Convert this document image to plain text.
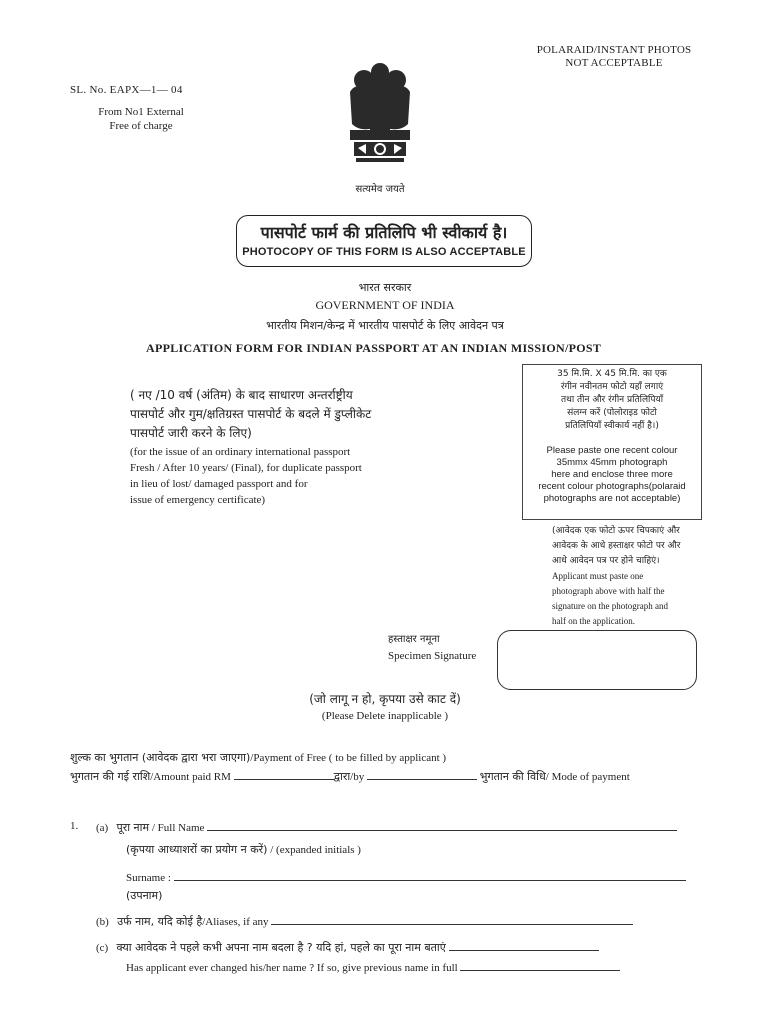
POLARAID/INSTANT PHOTOS NOT ACCEPTABLE
SL. No. EAPX—1— 04
From No1 External
Free of charge
सत्यमेव जयते
पासपोर्ट फार्म की प्रतिलिपि भी स्वीकार्य है।
PHOTOCOPY OF THIS FORM IS ALSO ACCEPTABLE
भारत सरकार
GOVERNMENT OF INDIA
भारतीय मिशन/केन्द्र में भारतीय पासपोर्ट के लिए आवेदन पत्र
APPLICATION FORM FOR INDIAN PASSPORT AT AN INDIAN MISSION/POST
( नए /10 वर्ष (अंतिम) के बाद साधारण अन्तर्राष्ट्रीय
पासपोर्ट और गुम/क्षतिग्रस्त पासपोर्ट के बदले में डुप्लीकेट
पासपोर्ट जारी करने के लिए)
(for the issue of an ordinary international passport
Fresh / After 10 years/ (Final), for duplicate passport
in lieu of lost/ damaged passport and for
issue of emergency certificate)
35 मि.मि. X 45 मि.मि. का एक
रंगीन नवीनतम फोटो यहाँ लगाएं
तथा तीन और रंगीन प्रतिलिपियाँ
संलग्न करें (पोलोराइड फोटो
प्रतिलिपियाँ स्वीकार्य नहीं है।)
Please paste one recent colour
35mmx 45mm photograph
here and enclose three more
recent colour photographs(polaraid
photographs are not acceptable)
(आवेदक एक फोटो ऊपर चिपकाएं और
आवेदक के आधे हस्ताक्षर फोटो पर और
आधे आवेदन पत्र पर होने चाहिएं।
Applicant must paste one
photograph above with half the
signature on the photograph and
half on the application.
हस्ताक्षर नमूना
Specimen Signature
(जो लागू न हो, कृपया उसे काट दें)
(Please Delete inapplicable )
शुल्क का भुगतान (आवेदक द्वारा भरा जाएगा)/Payment of Free ( to be filled by applicant )
भुगतान की गई राशि/Amount paid RM	द्वारा/by	भुगतान की विधि/ Mode of payment
1. (a) पूरा नाम / Full Name
(कृपया आध्याशरों का प्रयोग न करें) / (expanded initials )
Surname :
(उपनाम)
(b) उर्फ नाम, यदि कोई है/Aliases, if any
(c) क्या आवेदक ने पहले कभी अपना नाम बदला है ? यदि हां, पहले का पूरा नाम बताएं
Has applicant ever changed his/her name ? If so, give previous name in full
